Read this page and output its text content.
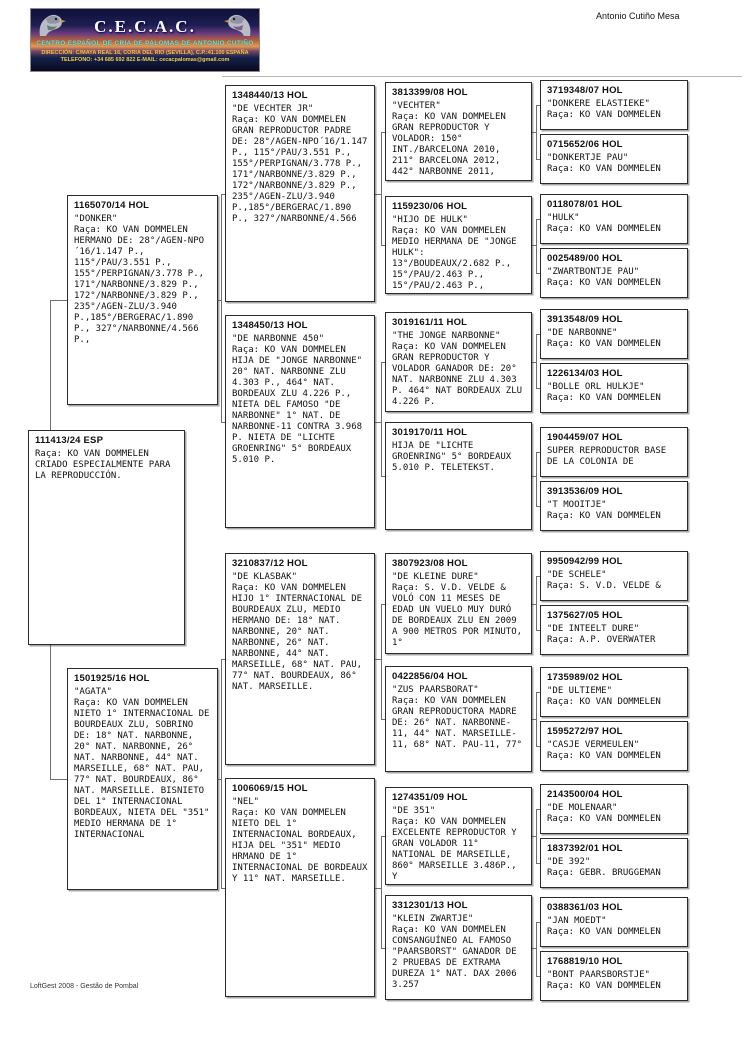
C.E.C.A.C.
CENTRO ESPAÑOL DE CRIA DE PALOMAS DE ANTONIO CUTIÑO
DIRECCIÓN: C/MAYA REAL 16, CORIA DEL RIO (SEVILLA), C.P.:41.100 ESPAÑA
TELEFONO: +34 685 692 822 E-MAIL: cecacpalomas@gmail.com
Antonio Cutiño Mesa
111413/24 ESP
Raça: KO VAN DOMMELEN CRIADO ESPECIALMENTE PARA LA REPRODUCCIÓN.
1165070/14 HOL
"DONKER"
Raça: KO VAN DOMMELEN HERMANO DE: 28°/AGEN-NPO´16/1.147 P., 115°/PAU/3.551 P., 155°/PERPIGNAN/3.778 P., 171°/NARBONNE/3.829 P., 172°/NARBONNE/3.829 P., 235°/AGEN-ZLU/3.940 P.,185°/BERGERAC/1.890 P., 327°/NARBONNE/4.566 P.,
1501925/16 HOL
"AGATA"
Raça: KO VAN DOMMELEN NIETO 1° INTERNACIONAL DE BOURDEAUX ZLU, SOBRINO DE: 18° NAT. NARBONNE, 20° NAT. NARBONNE, 26° NAT. NARBONNE, 44° NAT. MARSEILLE, 68° NAT. PAU, 77° NAT. BOURDEAUX, 86° NAT. MARSEILLE. BISNIETO DEL 1° INTERNACIONAL BORDEAUX, NIETA DEL "351" MEDIO HERMANA DE 1° INTERNACIONAL
1348440/13 HOL
"DE VECHTER JR"
Raça: KO VAN DOMMELEN GRAN REPRODUCTOR PADRE DE: 28°/AGEN-NPO´16/1.147 P., 115°/PAU/3.551 P., 155°/PERPIGNAN/3.778 P., 171°/NARBONNE/3.829 P., 172°/NARBONNE/3.829 P., 235°/AGEN-ZLU/3.940 P.,185°/BERGERAC/1.890 P., 327°/NARBONNE/4.566
1348450/13 HOL
"DE NARBONNE 450"
Raça: KO VAN DOMMELEN HIJA DE "JONGE NARBONNE" 20° NAT. NARBONNE ZLU 4.303 P., 464° NAT. BORDEAUX ZLU 4.226 P., NIETA DEL FAMOSO "DE NARBONNE" 1° NAT. DE NARBONNE-11 CONTRA 3.968 P. NIETA DE "LICHTE GROENRING" 5° BORDEAUX 5.010 P.
3210837/12 HOL
"DE KLASBAK"
Raça: KO VAN DOMMELEN HIJO 1° INTERNACIONAL DE BOURDEAUX ZLU, MEDIO HERMANO DE: 18° NAT. NARBONNE, 20° NAT. NARBONNE, 26° NAT. NARBONNE, 44° NAT. MARSEILLE, 68° NAT. PAU, 77° NAT. BOURDEAUX, 86° NAT. MARSEILLE.
1006069/15 HOL
"NEL"
Raça: KO VAN DOMMELEN NIETO DEL 1° INTERNACIONAL BORDEAUX, HIJA DEL "351" MEDIO HRMANO DE 1° INTERNACIONAL DE BORDEAUX Y 11° NAT. MARSEILLE.
3813399/08 HOL
"VECHTER"
Raça: KO VAN DOMMELEN GRAN REPRODUCTOR Y VOLADOR: 150° INT./BARCELONA 2010, 211° BARCELONA 2012, 442° NARBONNE 2011,
1159230/06 HOL
"HIJO DE HULK"
Raça: KO VAN DOMMELEN MEDIO HERMANA DE "JONGE HULK": 13°/BOUDEAUX/2.682 P., 15°/PAU/2.463 P., 15°/PAU/2.463 P.,
3019161/11 HOL
"THE JONGE NARBONNE"
Raça: KO VAN DOMMELEN GRAN REPRODUCTOR Y VOLADOR GANADOR DE: 20° NAT. NARBONNE ZLU 4.303 P. 464° NAT BORDEAUX ZLU 4.226 P.
3019170/11 HOL
HIJA DE "LICHTE GROENRING" 5° BORDEAUX 5.010 P. TELETEKST.
3807923/08 HOL
"DE KLEINE DURE"
Raça: S. V.D. VELDE & VOLÓ CON 11 MESES DE EDAD UN VUELO MUY DURÓ DE BORDEAUX ZLU EN 2009 A 900 METROS POR MINUTO, 1°
0422856/04 HOL
"ZUS PAARSBORAT"
Raça: KO VAN DOMMELEN GRAN REPRODUCTORA MADRE DE: 26° NAT. NARBONNE-11, 44° NAT. MARSEILLE-11, 68° NAT. PAU-11, 77°
1274351/09 HOL
"DE 351"
Raça: KO VAN DOMMELEN EXCELENTE REPRODUCTOR Y GRAN VOLADOR 11° NATIONAL DE MARSEILLE, 860° MARSEILLE 3.486P., Y
3312301/13 HOL
"KLEIN ZWARTJE"
Raça: KO VAN DOMMELEN CONSANGUÍNEO AL FAMOSO "PAARSBORST" GANADOR DE 2 PRUEBAS DE EXTRAMA DUREZA 1° NAT. DAX 2006 3.257
3719348/07 HOL
"DONKERE ELASTIEKE"
Raça: KO VAN DOMMELEN
0715652/06 HOL
"DONKERTJE PAU"
Raça: KO VAN DOMMELEN
0118078/01 HOL
"HULK"
Raça: KO VAN DOMMELEN
0025489/00 HOL
"ZWARTBONTJE PAU"
Raça: KO VAN DOMMELEN
3913548/09 HOL
"DE NARBONNE"
Raça: KO VAN DOMMELEN
1226134/03 HOL
"BOLLE ORL HULKJE"
Raça: KO VAN DOMMELEN
1904459/07 HOL
SUPER REPRODUCTOR BASE DE LA COLONIA DE
3913536/09 HOL
"T MOOITJE"
Raça: KO VAN DOMMELEN
9950942/99 HOL
"DE SCHELE"
Raça: S. V.D. VELDE &
1375627/05 HOL
"DE INTEELT DURE"
Raça: A.P. OVERWATER
1735989/02 HOL
"DE ULTIEME"
Raça: KO VAN DOMMELEN
1595272/97 HOL
"CASJE VERMEULEN"
Raça: KO VAN DOMMELEN
2143500/04 HOL
"DE MOLENAAR"
Raça: KO VAN DOMMELEN
1837392/01 HOL
"DE 392"
Raça: GEBR. BRUGGEMAN
0388361/03 HOL
"JAN MOEDT"
Raça: KO VAN DOMMELEN
1768819/10 HOL
"BONT PAARSBORSTJE"
Raça: KO VAN DOMMELEN
LoftGest 2008 - Gestão de Pombal
